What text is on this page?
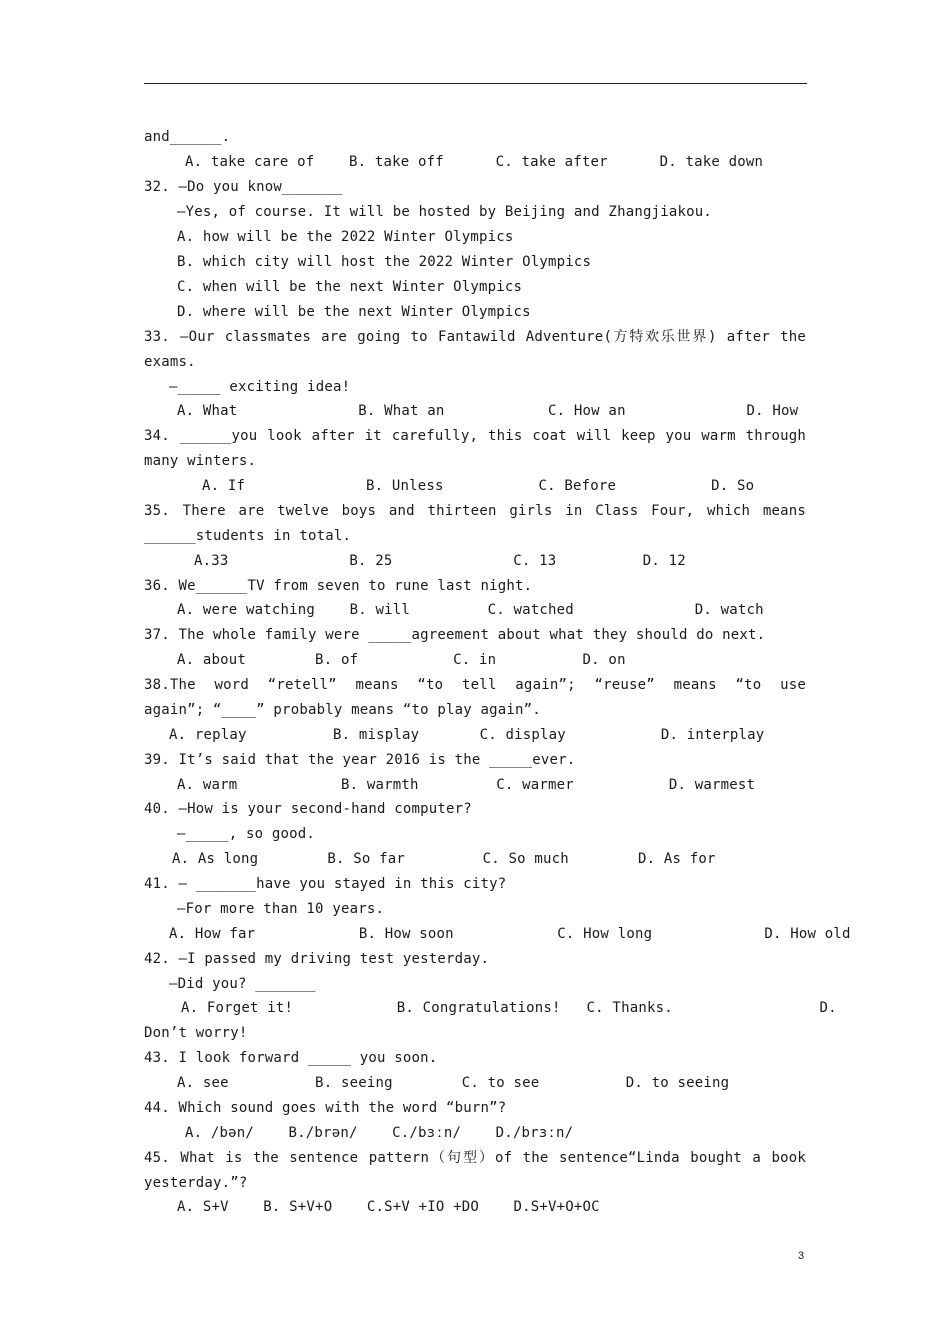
and______.
A. take care of    B. take off      C. take after      D. take down
32. —Do you know_______
—Yes, of course. It will be hosted by Beijing and Zhangjiakou.
A. how will be the 2022 Winter Olympics
B. which city will host the 2022 Winter Olympics
C. when will be the next Winter Olympics
D. where will be the next Winter Olympics
33. —Our classmates are going to Fantawild Adventure(方特欢乐世界) after the
exams.
—_____ exciting idea!
A. What              B. What an            C. How an              D. How
34. ______you look after it carefully, this coat will keep you warm through
many winters.
A. If              B. Unless           C. Before           D. So
35. There are twelve boys and thirteen girls in Class Four, which means
______students in total.
A.33              B. 25              C. 13          D. 12
36. We______TV from seven to rune last night.
A. were watching    B. will         C. watched              D. watch
37. The whole family were _____agreement about what they should do next.
A. about        B. of           C. in          D. on
38.The word “retell” means “to tell again”; “reuse” means “to use
again”; “____” probably means “to play again”.
A. replay          B. misplay       C. display           D. interplay
39. It’s said that the year 2016 is the _____ever.
A. warm            B. warmth         C. warmer           D. warmest
40. —How is your second-hand computer?
—_____, so good.
A. As long        B. So far         C. So much        D. As for
41. — _______have you stayed in this city?
—For more than 10 years.
A. How far            B. How soon            C. How long             D. How old
42. —I passed my driving test yesterday.
—Did you? _______
A. Forget it!            B. Congratulations!   C. Thanks.                 D.
Don’t worry!
43. I look forward _____ you soon.
A. see          B. seeing        C. to see          D. to seeing
44. Which sound goes with the word “burn”?
A. /bən/    B./brən/    C./bɜːn/    D./brɜːn/
45. What is the sentence pattern（句型）of the sentence“Linda bought a book
yesterday.”?
A. S+V    B. S+V+O    C.S+V +IO +DO    D.S+V+O+OC
3
